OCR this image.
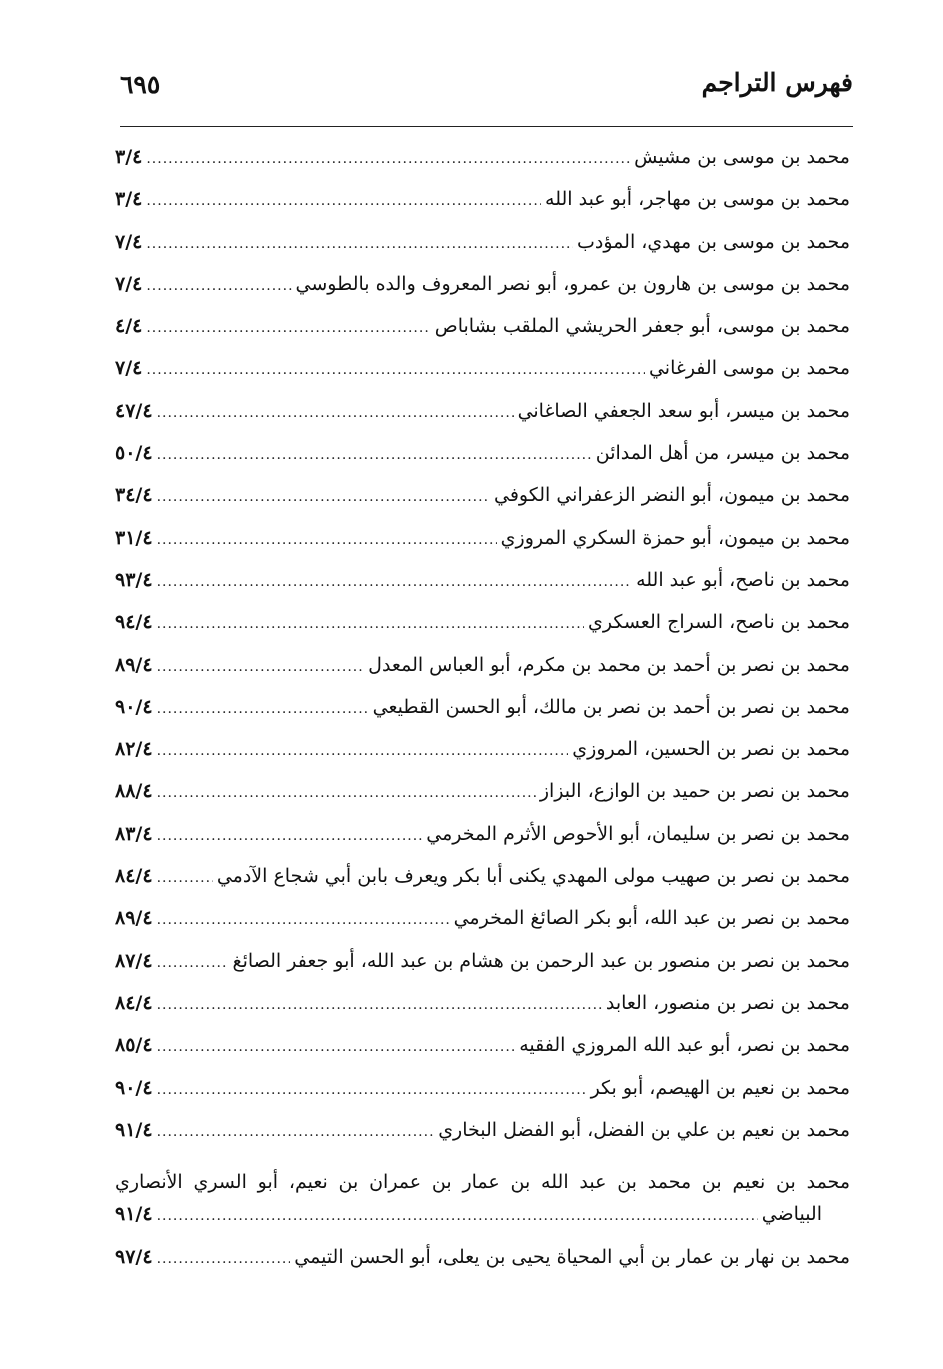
فهرس التراجم
٦٩٥
محمد بن موسى بن مشيش
.....
٣/٤
محمد بن موسى بن مهاجر، أبو عبد الله
.....
٣/٤
محمد بن موسى بن مهدي، المؤدب
.....
٧/٤
محمد بن موسى بن هارون بن عمرو، أبو نصر المعروف والده بالطوسي
.....
٧/٤
محمد بن موسى، أبو جعفر الحريشي الملقب بشاباص
.....
٤/٤
محمد بن موسى الفرغاني
.....
٧/٤
محمد بن ميسر، أبو سعد الجعفي الصاغاني
.....
٤٧/٤
محمد بن ميسر، من أهل المدائن
.....
٥٠/٤
محمد بن ميمون، أبو النضر الزعفراني الكوفي
.....
٣٤/٤
محمد بن ميمون، أبو حمزة السكري المروزي
.....
٣١/٤
محمد بن ناصح، أبو عبد الله
.....
٩٣/٤
محمد بن ناصح، السراج العسكري
.....
٩٤/٤
محمد بن نصر بن أحمد بن محمد بن مكرم، أبو العباس المعدل
.....
٨٩/٤
محمد بن نصر بن أحمد بن نصر بن مالك، أبو الحسن القطيعي
.....
٩٠/٤
محمد بن نصر بن الحسين، المروزي
.....
٨٢/٤
محمد بن نصر بن حميد بن الوازع، البزاز
.....
٨٨/٤
محمد بن نصر بن سليمان، أبو الأحوص الأثرم المخرمي
.....
٨٣/٤
محمد بن نصر بن صهيب مولى المهدي يكنى أبا بكر ويعرف بابن أبي شجاع الآدمي
.....
٨٤/٤
محمد بن نصر بن عبد الله، أبو بكر الصائغ المخرمي
.....
٨٩/٤
محمد بن نصر بن منصور بن عبد الرحمن بن هشام بن عبد الله، أبو جعفر الصائغ
.....
٨٧/٤
محمد بن نصر بن منصور، العابد
.....
٨٤/٤
محمد بن نصر، أبو عبد الله المروزي الفقيه
.....
٨٥/٤
محمد بن نعيم بن الهيصم، أبو بكر
.....
٩٠/٤
محمد بن نعيم بن علي بن الفضل، أبو الفضل البخاري
.....
٩١/٤
محمد بن نعيم بن محمد بن عبد الله بن عمار بن عمران بن نعيم، أبو السري الأنصاري
البياضي
.....
٩١/٤
محمد بن نهار بن عمار بن أبي المحياة يحيى بن يعلى، أبو الحسن التيمي
.....
٩٧/٤
